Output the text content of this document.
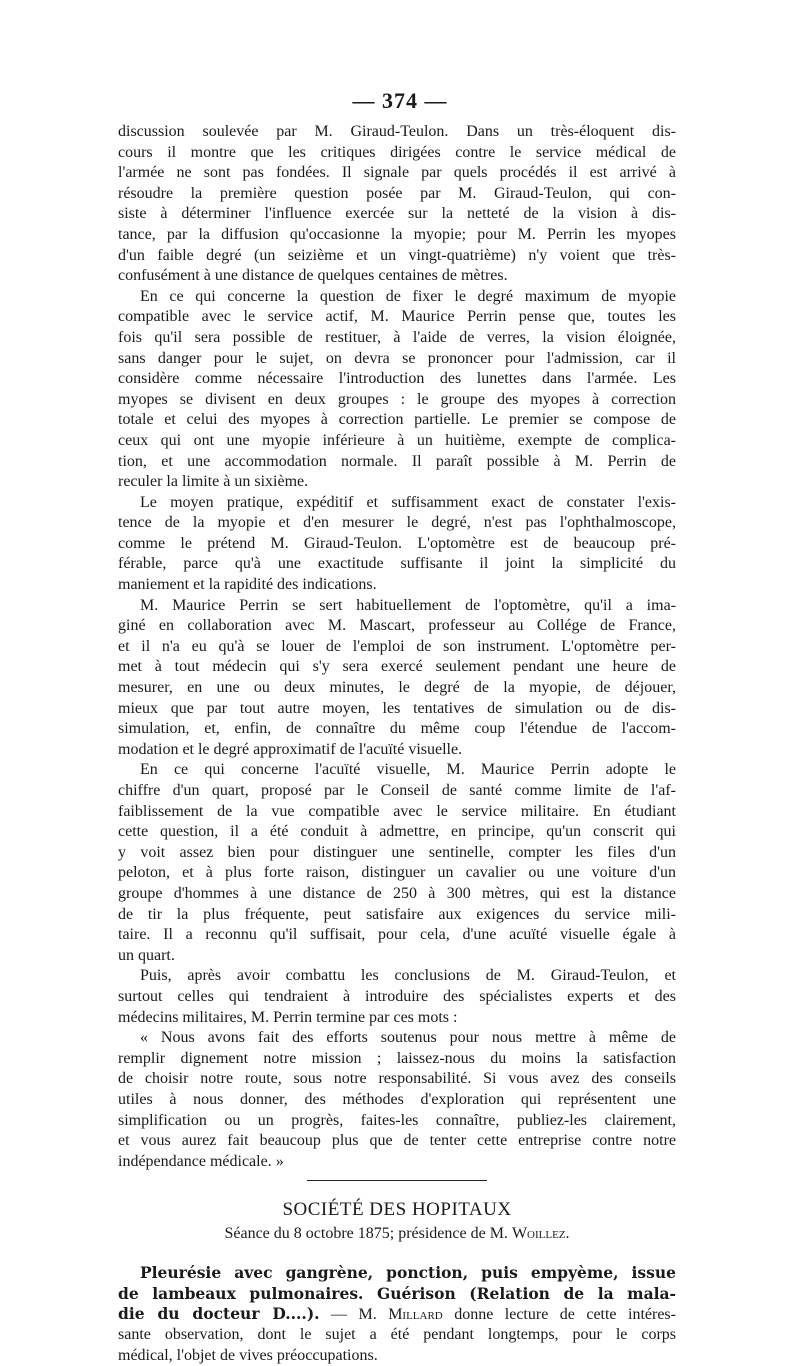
— 374 —
discussion soulevée par M. Giraud-Teulon. Dans un très-éloquent dis-
cours il montre que les critiques dirigées contre le service médical de
l'armée ne sont pas fondées. Il signale par quels procédés il est arrivé à
résoudre la première question posée par M. Giraud-Teulon, qui con-
siste à déterminer l'influence exercée sur la netteté de la vision à dis-
tance, par la diffusion qu'occasionne la myopie; pour M. Perrin les myopes
d'un faible degré (un seizième et un vingt-quatrième) n'y voient que très-
confusément à une distance de quelques centaines de mètres.
En ce qui concerne la question de fixer le degré maximum de myopie
compatible avec le service actif, M. Maurice Perrin pense que, toutes les
fois qu'il sera possible de restituer, à l'aide de verres, la vision éloignée,
sans danger pour le sujet, on devra se prononcer pour l'admission, car il
considère comme nécessaire l'introduction des lunettes dans l'armée. Les
myopes se divisent en deux groupes : le groupe des myopes à correction
totale et celui des myopes à correction partielle. Le premier se compose de
ceux qui ont une myopie inférieure à un huitième, exempte de complica-
tion, et une accommodation normale. Il paraît possible à M. Perrin de
reculer la limite à un sixième.
Le moyen pratique, expéditif et suffisamment exact de constater l'exis-
tence de la myopie et d'en mesurer le degré, n'est pas l'ophthalmoscope,
comme le prétend M. Giraud-Teulon. L'optomètre est de beaucoup pré-
férable, parce qu'à une exactitude suffisante il joint la simplicité du
maniement et la rapidité des indications.
M. Maurice Perrin se sert habituellement de l'optomètre, qu'il a ima-
giné en collaboration avec M. Mascart, professeur au Collége de France,
et il n'a eu qu'à se louer de l'emploi de son instrument. L'optomètre per-
met à tout médecin qui s'y sera exercé seulement pendant une heure de
mesurer, en une ou deux minutes, le degré de la myopie, de déjouer,
mieux que par tout autre moyen, les tentatives de simulation ou de dis-
simulation, et, enfin, de connaître du même coup l'étendue de l'accom-
modation et le degré approximatif de l'acuïté visuelle.
En ce qui concerne l'acuïté visuelle, M. Maurice Perrin adopte le
chiffre d'un quart, proposé par le Conseil de santé comme limite de l'af-
faiblissement de la vue compatible avec le service militaire. En étudiant
cette question, il a été conduit à admettre, en principe, qu'un conscrit qui
y voit assez bien pour distinguer une sentinelle, compter les files d'un
peloton, et à plus forte raison, distinguer un cavalier ou une voiture d'un
groupe d'hommes à une distance de 250 à 300 mètres, qui est la distance
de tir la plus fréquente, peut satisfaire aux exigences du service mili-
taire. Il a reconnu qu'il suffisait, pour cela, d'une acuïté visuelle égale à
un quart.
Puis, après avoir combattu les conclusions de M. Giraud-Teulon, et
surtout celles qui tendraient à introduire des spécialistes experts et des
médecins militaires, M. Perrin termine par ces mots :
« Nous avons fait des efforts soutenus pour nous mettre à même de
remplir dignement notre mission ; laissez-nous du moins la satisfaction
de choisir notre route, sous notre responsabilité. Si vous avez des conseils
utiles à nous donner, des méthodes d'exploration qui représentent une
simplification ou un progrès, faites-les connaître, publiez-les clairement,
et vous aurez fait beaucoup plus que de tenter cette entreprise contre notre
indépendance médicale. »
SOCIÉTÉ DES HOPITAUX
Séance du 8 octobre 1875; présidence de M. Woillez.
Pleurésie avec gangrène, ponction, puis empyème, issue
de lambeaux pulmonaires. Guérison (Relation de la mala-
die du docteur D....). — M. Millard donne lecture de cette intéres-
sante observation, dont le sujet a été pendant longtemps, pour le corps
médical, l'objet de vives préoccupations.
